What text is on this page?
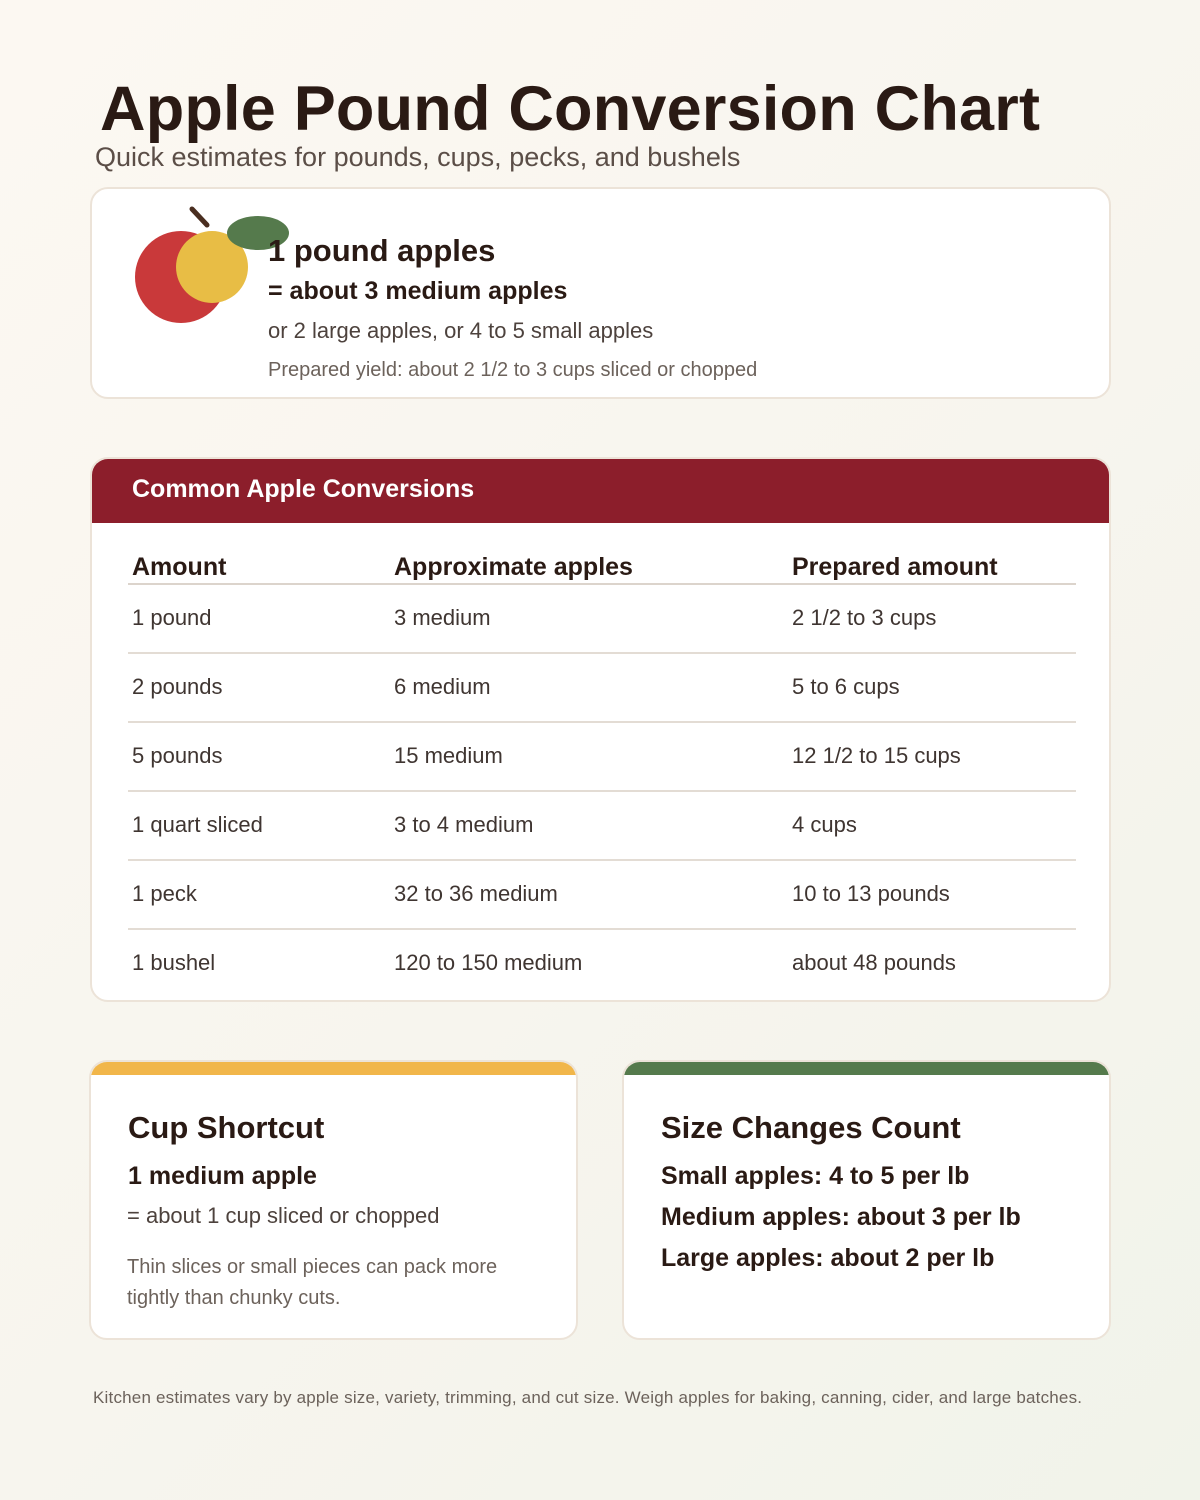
Apple Pound Conversion Chart
Quick estimates for pounds, cups, pecks, and bushels
1 pound apples
= about 3 medium apples
or 2 large apples, or 4 to 5 small apples
Prepared yield: about 2 1/2 to 3 cups sliced or chopped
Common Apple Conversions
Amount	Approximate apples	Prepared amount
1 pound	3 medium	2 1/2 to 3 cups
2 pounds	6 medium	5 to 6 cups
5 pounds	15 medium	12 1/2 to 15 cups
1 quart sliced	3 to 4 medium	4 cups
1 peck	32 to 36 medium	10 to 13 pounds
1 bushel	120 to 150 medium	about 48 pounds
Cup Shortcut
1 medium apple
= about 1 cup sliced or chopped
Thin slices or small pieces can pack more tightly than chunky cuts.
Size Changes Count
Small apples: 4 to 5 per lb
Medium apples: about 3 per lb
Large apples: about 2 per lb
Kitchen estimates vary by apple size, variety, trimming, and cut size. Weigh apples for baking, canning, cider, and large batches.
